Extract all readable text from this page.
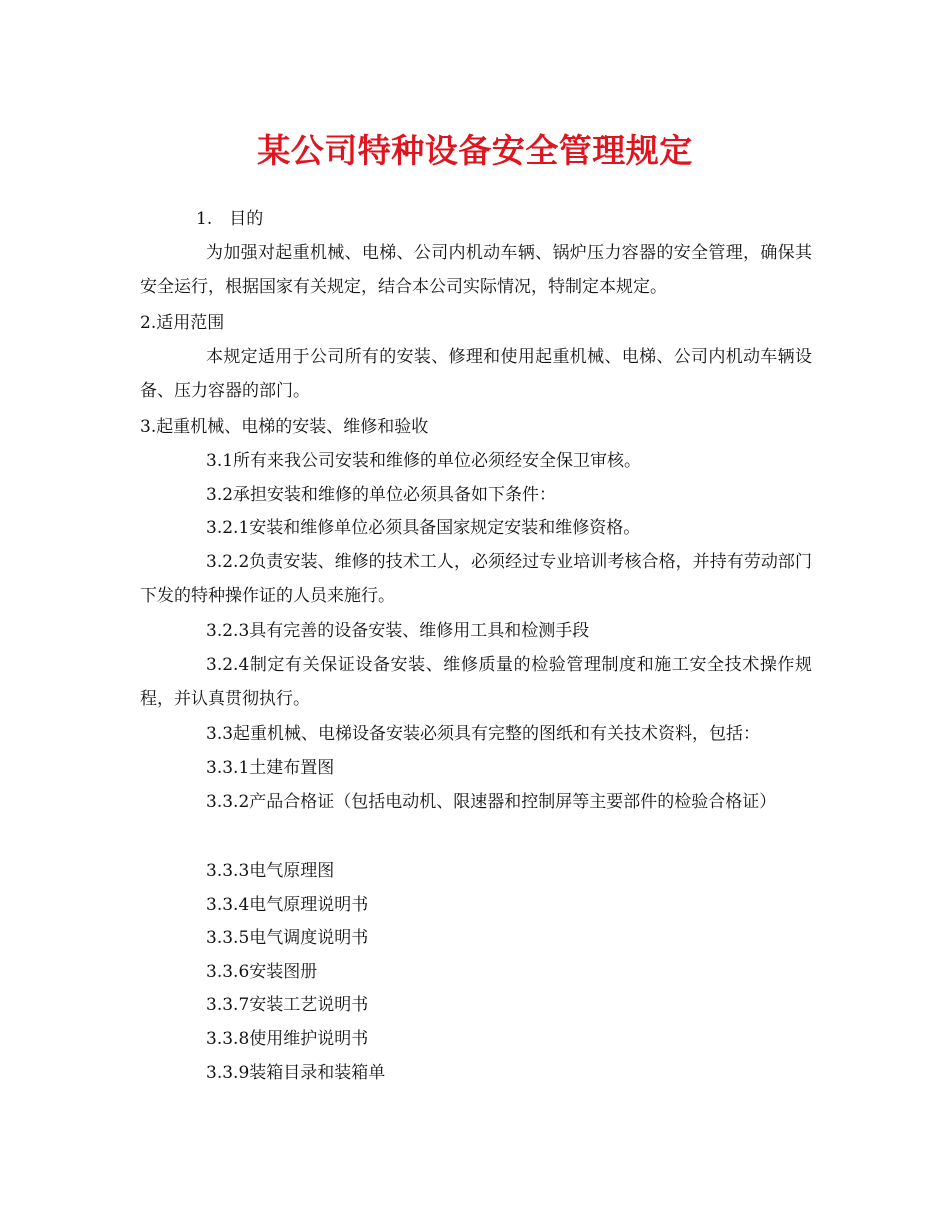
某公司特种设备安全管理规定
1.　目的
为加强对起重机械、电梯、公司内机动车辆、锅炉压力容器的安全管理，确保其安全运行，根据国家有关规定，结合本公司实际情况，特制定本规定。
2.适用范围
本规定适用于公司所有的安装、修理和使用起重机械、电梯、公司内机动车辆设备、压力容器的部门。
3.起重机械、电梯的安装、维修和验收
3.1所有来我公司安装和维修的单位必须经安全保卫审核。
3.2承担安装和维修的单位必须具备如下条件：
3.2.1安装和维修单位必须具备国家规定安装和维修资格。
3.2.2负责安装、维修的技术工人，必须经过专业培训考核合格，并持有劳动部门下发的特种操作证的人员来施行。
3.2.3具有完善的设备安装、维修用工具和检测手段
3.2.4制定有关保证设备安装、维修质量的检验管理制度和施工安全技术操作规程，并认真贯彻执行。
3.3起重机械、电梯设备安装必须具有完整的图纸和有关技术资料，包括：
3.3.1土建布置图
3.3.2产品合格证（包括电动机、限速器和控制屏等主要部件的检验合格证）
3.3.3电气原理图
3.3.4电气原理说明书
3.3.5电气调度说明书
3.3.6安装图册
3.3.7安装工艺说明书
3.3.8使用维护说明书
3.3.9装箱目录和装箱单
